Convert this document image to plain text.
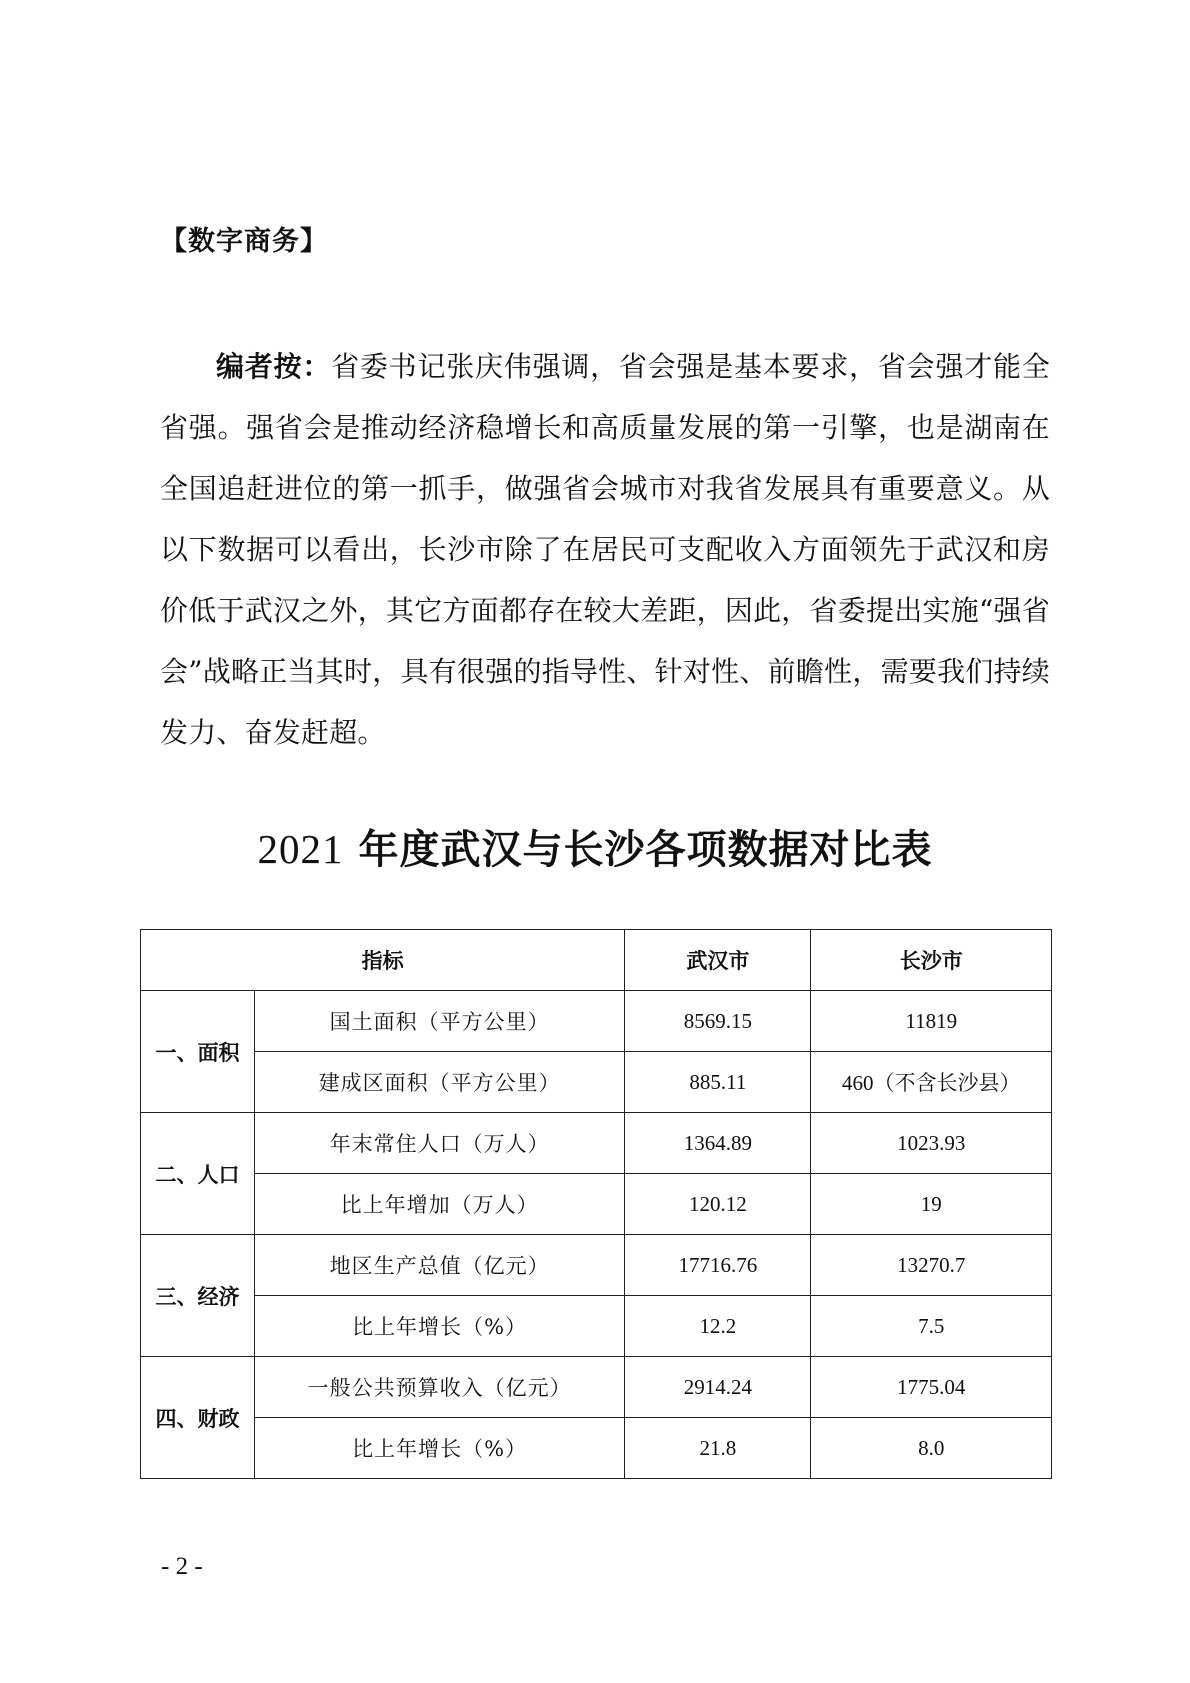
【数字商务】

编者按：省委书记张庆伟强调，省会强是基本要求，省会强才能全省强。强省会是推动经济稳增长和高质量发展的第一引擎，也是湖南在全国追赶进位的第一抓手，做强省会城市对我省发展具有重要意义。从以下数据可以看出，长沙市除了在居民可支配收入方面领先于武汉和房价低于武汉之外，其它方面都存在较大差距，因此，省委提出实施“强省会”战略正当其时，具有很强的指导性、针对性、前瞻性，需要我们持续发力、奋发赶超。

2021 年度武汉与长沙各项数据对比表
指标		武汉市	长沙市
一、面积	国土面积（平方公里）	8569.15	11819
	建成区面积（平方公里）	885.11	460（不含长沙县）
二、人口	年末常住人口（万人）	1364.89	1023.93
	比上年增加（万人）	120.12	19
三、经济	地区生产总值（亿元）	17716.76	13270.7
	比上年增长（%）	12.2	7.5
四、财政	一般公共预算收入（亿元）	2914.24	1775.04
	比上年增长（%）	21.8	8.0
- 2 -
